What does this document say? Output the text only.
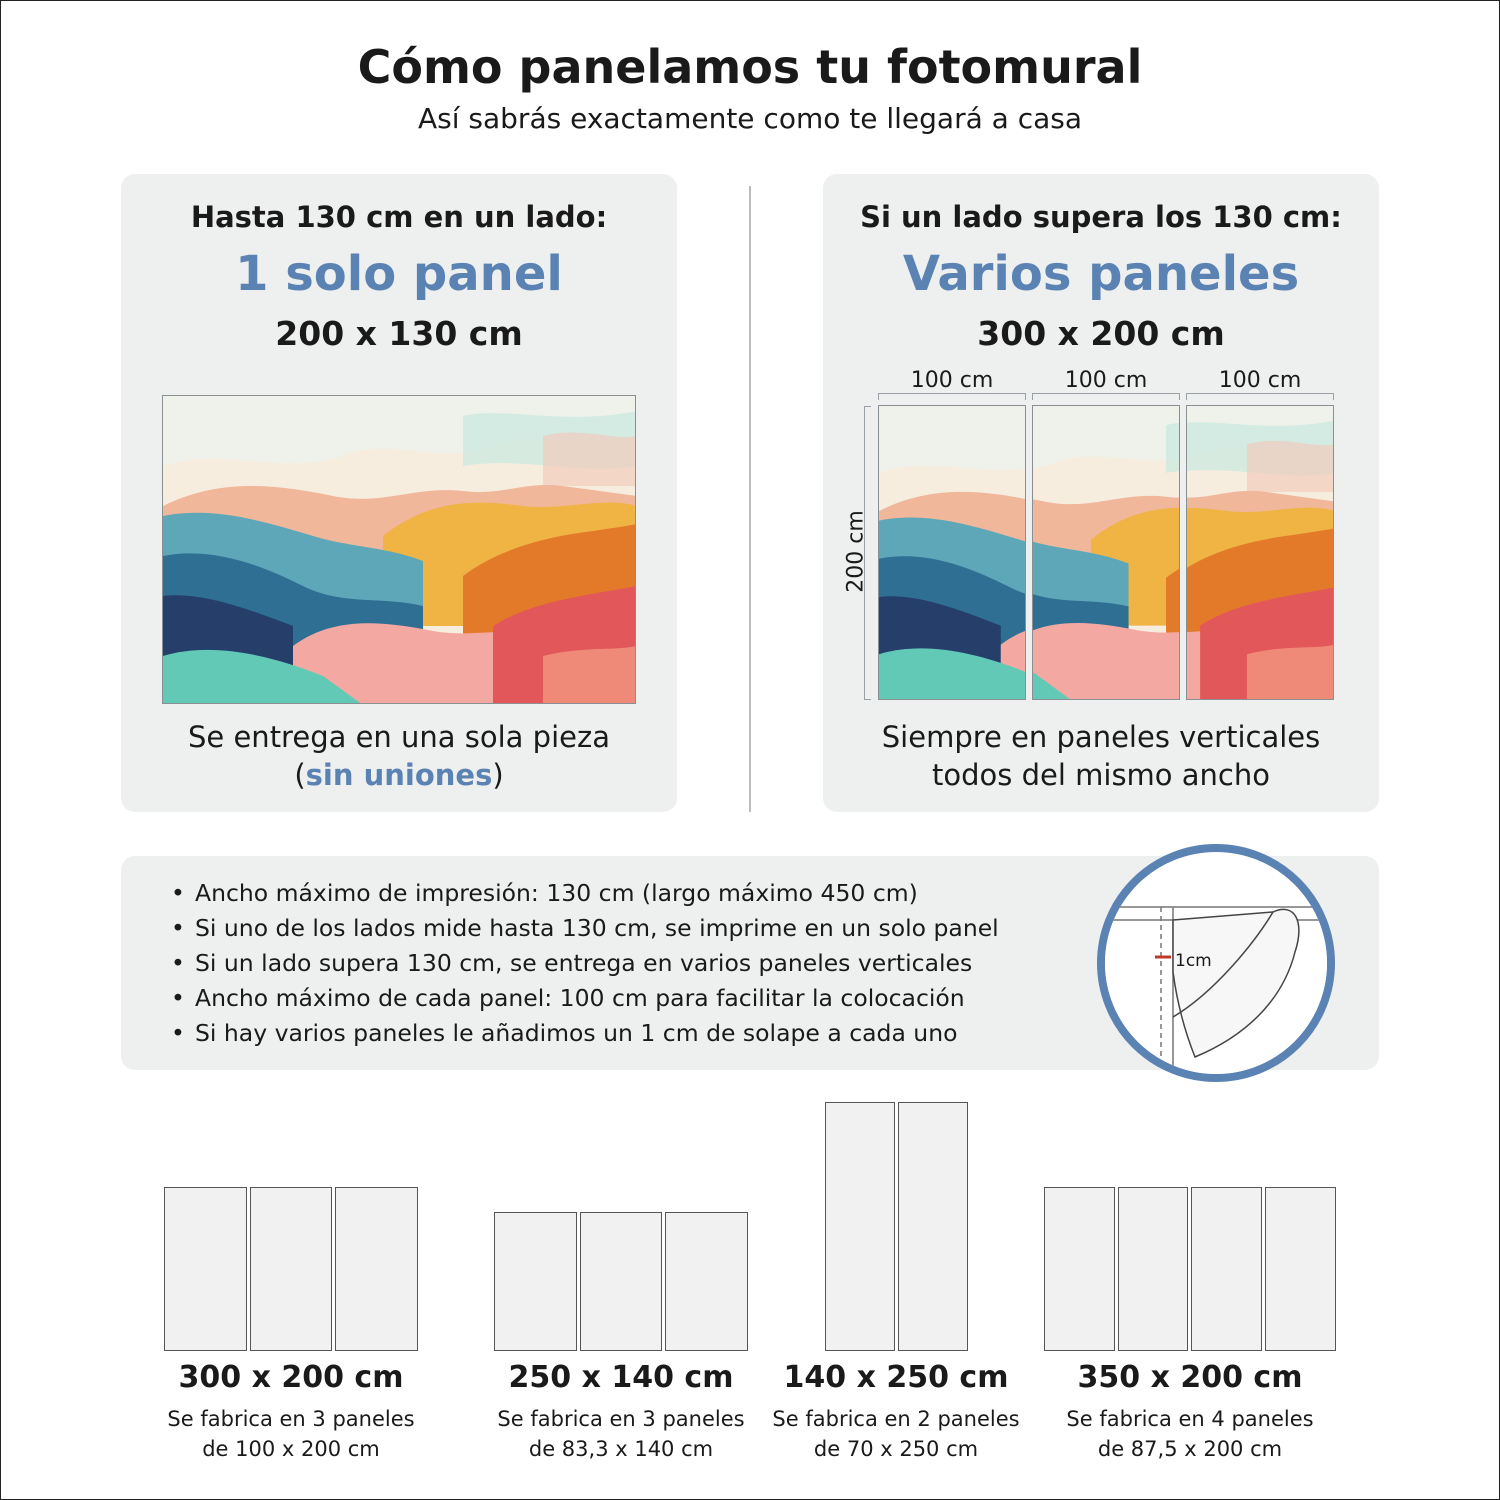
Cómo panelamos tu fotomural
Así sabrás exactamente como te llegará a casa
Hasta 130 cm en un lado:
1 solo panel
200 x 130 cm
Se entrega en una sola pieza
(sin uniones)
Si un lado supera los 130 cm:
Varios paneles
300 x 200 cm
100 cm	100 cm	100 cm
200 cm
Siempre en paneles verticales
todos del mismo ancho
• Ancho máximo de impresión: 130 cm (largo máximo 450 cm)
• Si uno de los lados mide hasta 130 cm, se imprime en un solo panel
• Si un lado supera 130 cm, se entrega en varios paneles verticales
• Ancho máximo de cada panel: 100 cm para facilitar la colocación
• Si hay varios paneles le añadimos un 1 cm de solape a cada uno
1cm
300 x 200 cm
Se fabrica en 3 paneles
de 100 x 200 cm
250 x 140 cm
Se fabrica en 3 paneles
de 83,3 x 140 cm
140 x 250 cm
Se fabrica en 2 paneles
de 70 x 250 cm
350 x 200 cm
Se fabrica en 4 paneles
de 87,5 x 200 cm
